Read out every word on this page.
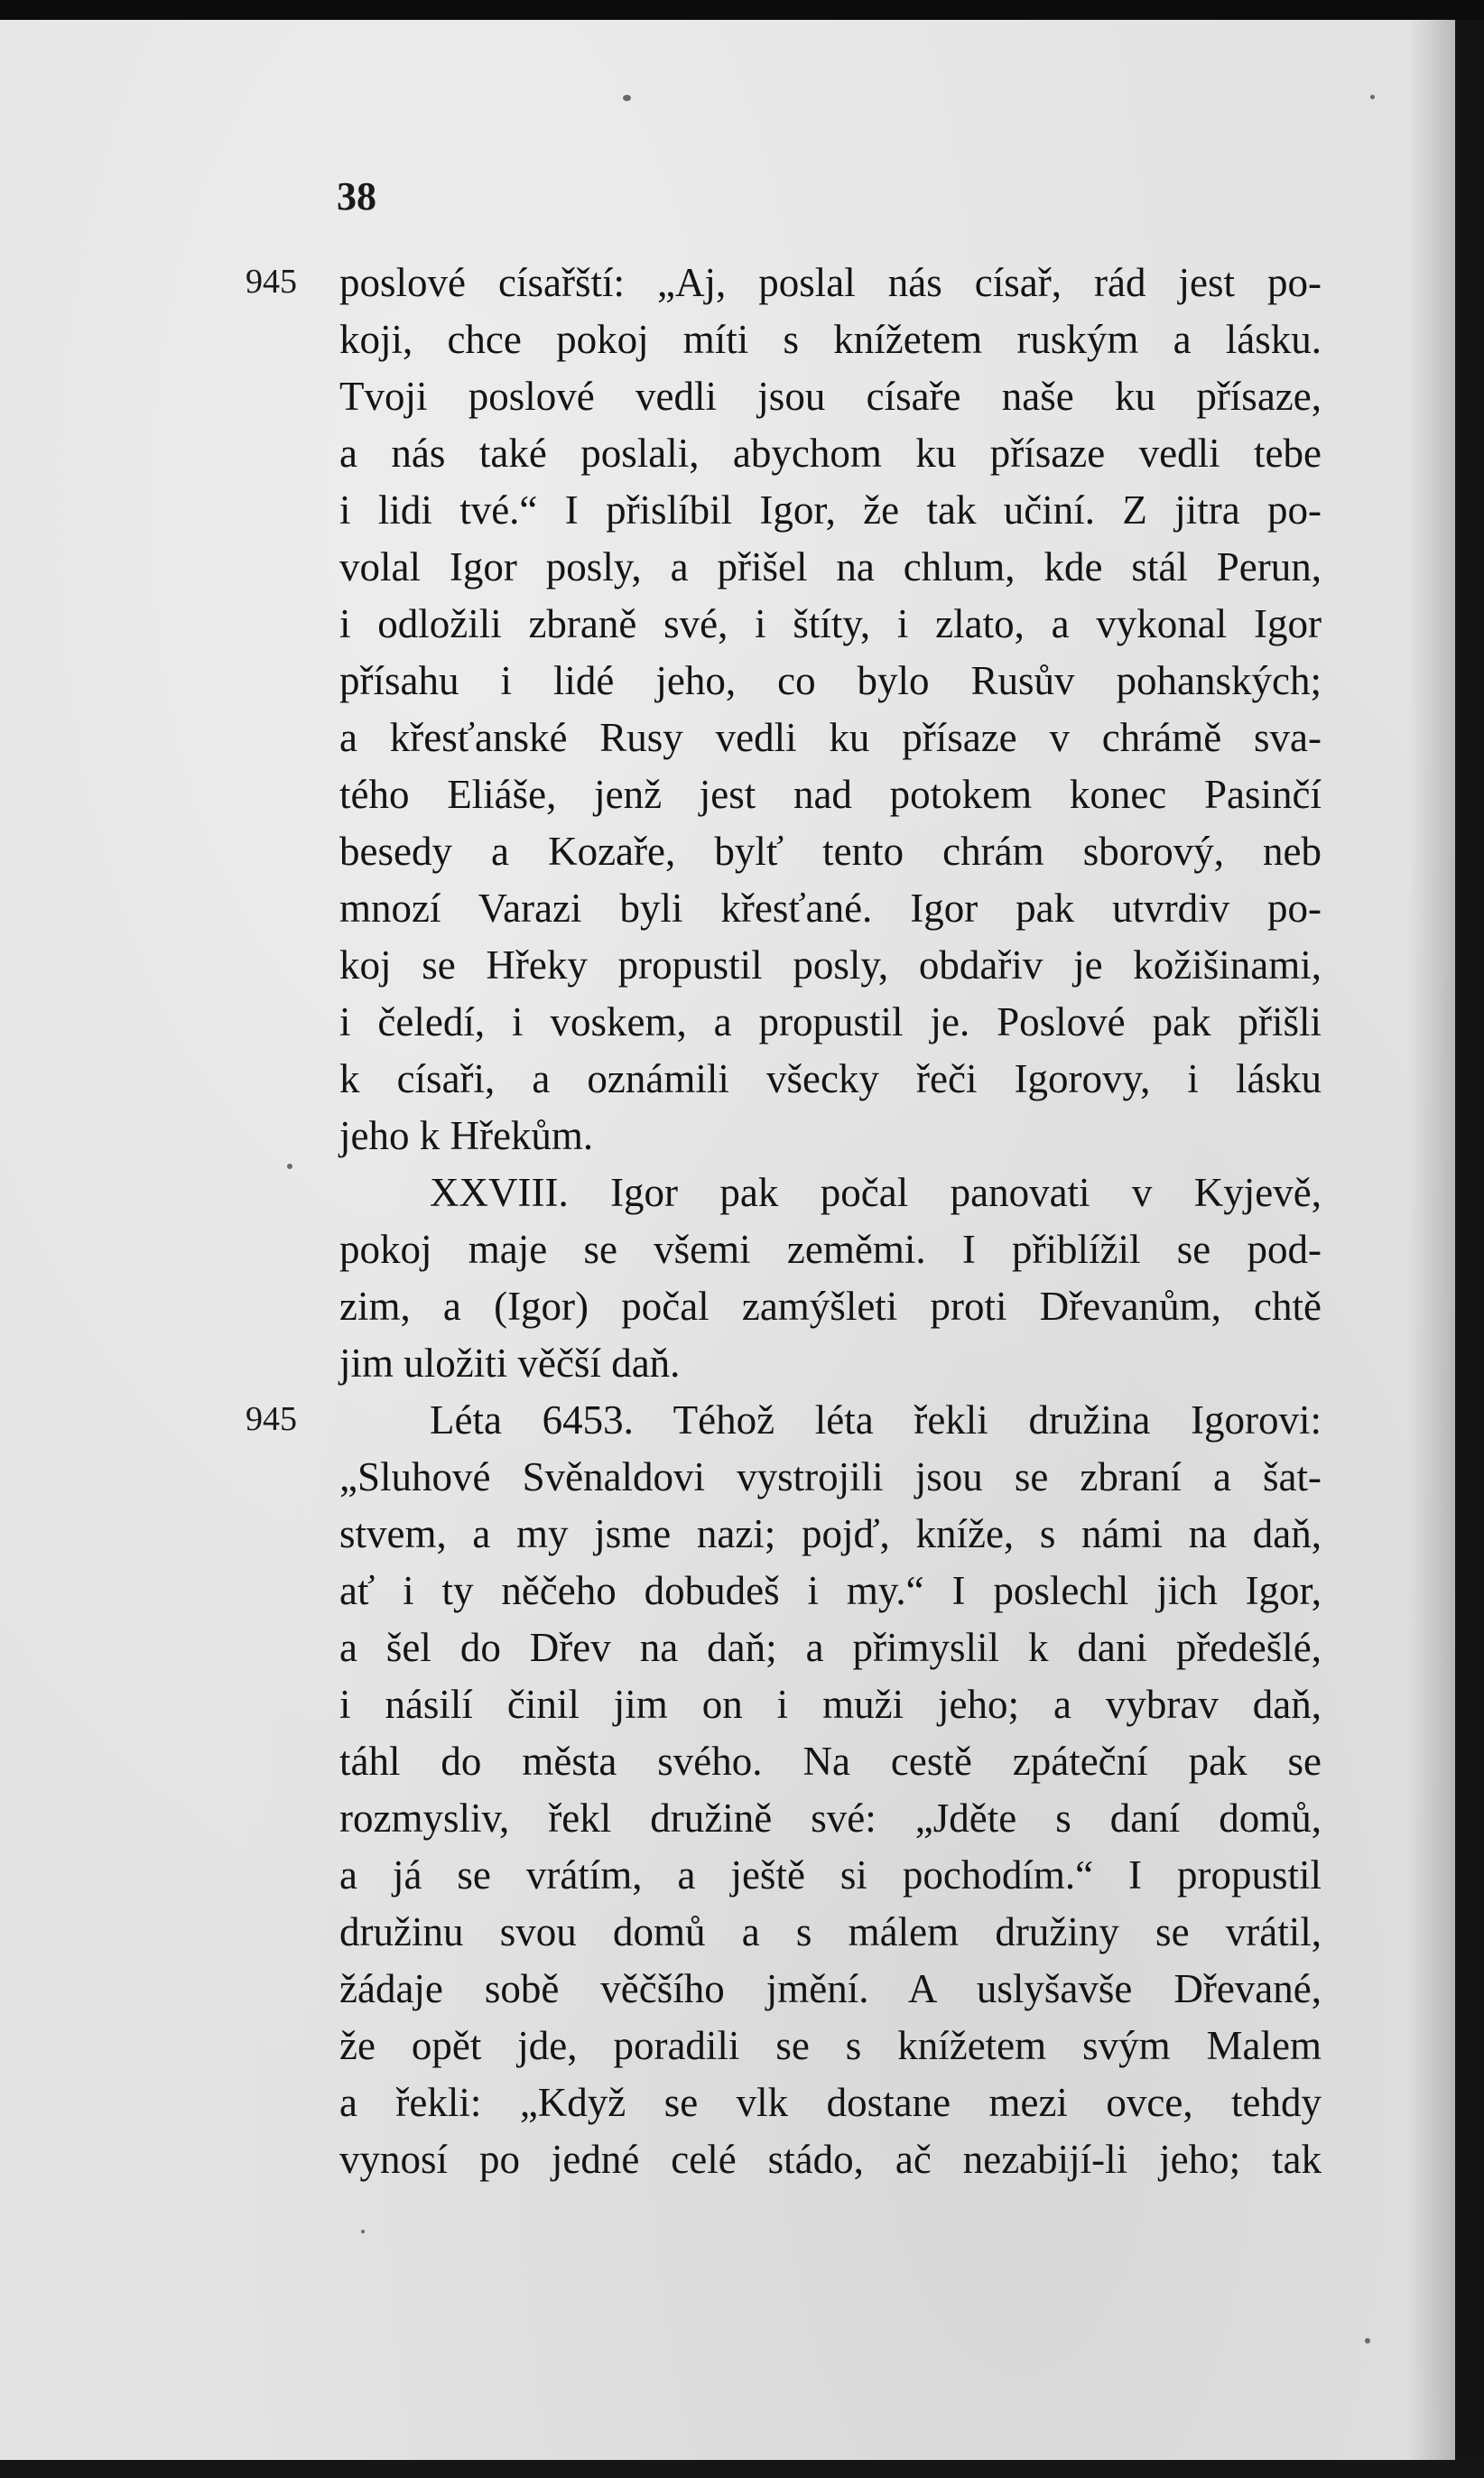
38
945
945
poslové císařští: „Aj, poslal nás císař, rád jest po-
koji, chce pokoj míti s knížetem ruským a lásku.
Tvoji poslové vedli jsou císaře naše ku přísaze,
a nás také poslali, abychom ku přísaze vedli tebe
i lidi tvé.“ I přislíbil Igor, že tak učiní. Z jitra po-
volal Igor posly, a přišel na chlum, kde stál Perun,
i odložili zbraně své, i štíty, i zlato, a vykonal Igor
přísahu i lidé jeho, co bylo Rusův pohanských;
a křesťanské Rusy vedli ku přísaze v chrámě sva-
tého Eliáše, jenž jest nad potokem konec Pasinčí
besedy a Kozaře, bylť tento chrám sborový, neb
mnozí Varazi byli křesťané. Igor pak utvrdiv po-
koj se Hřeky propustil posly, obdařiv je kožišinami,
i čeledí, i voskem, a propustil je. Poslové pak přišli
k císaři, a oznámili všecky řeči Igorovy, i lásku
jeho k Hřekům.
XXVIII. Igor pak počal panovati v Kyjevě,
pokoj maje se všemi zeměmi. I přiblížil se pod-
zim, a (Igor) počal zamýšleti proti Dřevanům, chtě
jim uložiti věčší daň.
Léta 6453. Téhož léta řekli družina Igorovi:
„Sluhové Svěnaldovi vystrojili jsou se zbraní a šat-
stvem, a my jsme nazi; pojď, kníže, s námi na daň,
ať i ty něčeho dobudeš i my.“ I poslechl jich Igor,
a šel do Dřev na daň; a přimyslil k dani předešlé,
i násilí činil jim on i muži jeho; a vybrav daň,
táhl do města svého. Na cestě zpáteční pak se
rozmysliv, řekl družině své: „Jděte s daní domů,
a já se vrátím, a ještě si pochodím.“ I propustil
družinu svou domů a s málem družiny se vrátil,
žádaje sobě věčšího jmění. A uslyšavše Dřevané,
že opět jde, poradili se s knížetem svým Malem
a řekli: „Když se vlk dostane mezi ovce, tehdy
vynosí po jedné celé stádo, ač nezabijí-li jeho; tak
